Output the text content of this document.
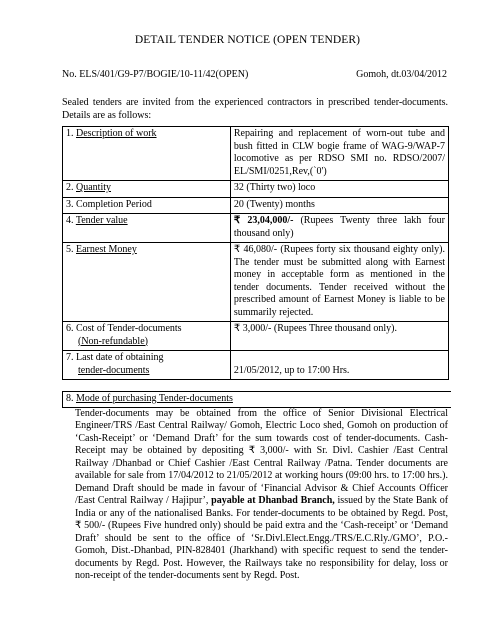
DETAIL TENDER NOTICE (OPEN TENDER)
No. ELS/401/G9-P7/BOGIE/10-11/42(OPEN)	Gomoh, dt.03/04/2012
Sealed tenders are invited from the experienced contractors in prescribed tender-documents. Details are as follows:
1. Description of work	Repairing and replacement of worn-out tube and bush fitted in CLW bogie frame of WAG-9/WAP-7 locomotive as per RDSO SMI no. RDSO/2007/ EL/SMI/0251,Rev,(`0')
2. Quantity	32 (Thirty two) loco
3. Completion Period	20 (Twenty) months
4. Tender value	₹ 23,04,000/- (Rupees Twenty three lakh four thousand only)
5. Earnest Money	₹ 46,080/- (Rupees forty six thousand eighty only). The tender must be submitted along with Earnest money in acceptable form as mentioned in the tender documents. Tender received without the prescribed amount of Earnest Money is liable to be summarily rejected.
6. Cost of Tender-documents
(Non-refundable)	₹ 3,000/- (Rupees Three thousand only).
7. Last date of obtaining
tender-documents	21/05/2012, up to 17:00 Hrs.
8. Mode of purchasing Tender-documents
Tender-documents may be obtained from the office of Senior Divisional Electrical Engineer/TRS /East Central Railway/ Gomoh, Electric Loco shed, Gomoh on production of ‘Cash-Receipt’ or ‘Demand Draft’ for the sum towards cost of tender-documents. Cash-Receipt may be obtained by depositing ₹ 3,000/- with Sr. Divl. Cashier /East Central Railway /Dhanbad or Chief Cashier /East Central Railway /Patna. Tender documents are available for sale from 17/04/2012 to 21/05/2012 at working hours (09:00 hrs. to 17:00 hrs.). Demand Draft should be made in favour of ‘Financial Advisor & Chief Accounts Officer /East Central Railway / Hajipur’, payable at Dhanbad Branch, issued by the State Bank of India or any of the nationalised Banks. For tender-documents to be obtained by Regd. Post, ₹ 500/- (Rupees Five hundred only) should be paid extra and the ‘Cash-receipt’ or ‘Demand Draft’ should be sent to the office of ‘Sr.Divl.Elect.Engg./TRS/E.C.Rly./GMO’, P.O.- Gomoh, Dist.-Dhanbad, PIN-828401 (Jharkhand) with specific request to send the tender-documents by Regd. Post. However, the Railways take no responsibility for delay, loss or non-receipt of the tender-documents sent by Regd. Post.
